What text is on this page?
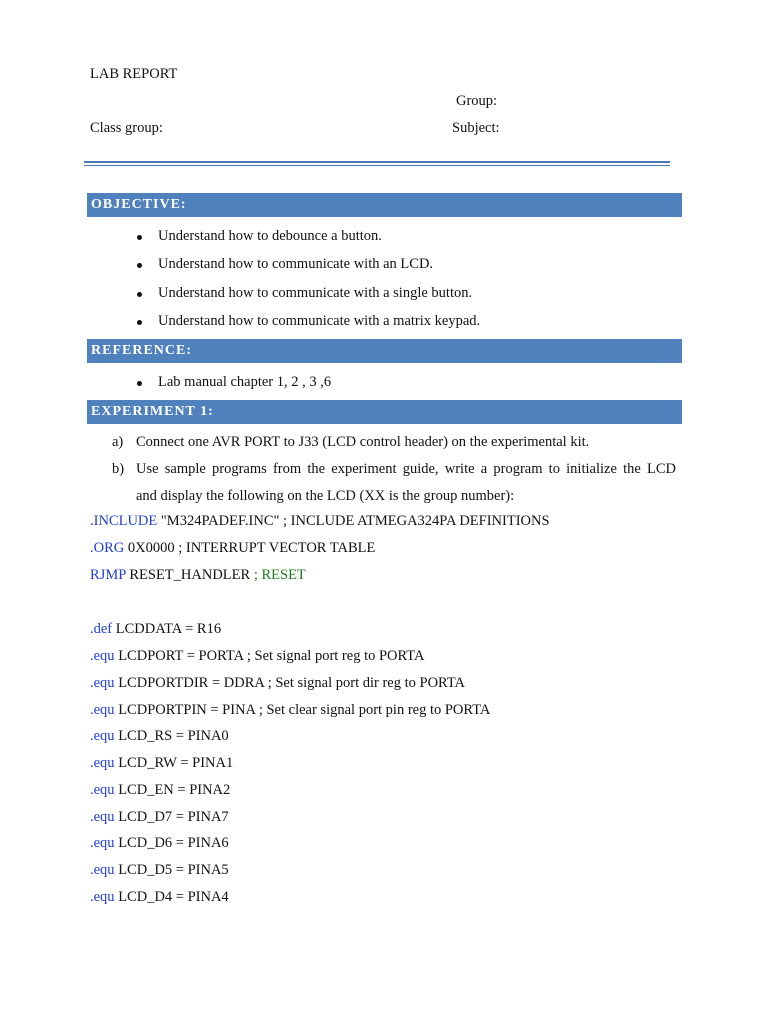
LAB REPORT
Group:
Class group:	Subject:
OBJECTIVE:
Understand how to debounce a button.
Understand how to communicate with an LCD.
Understand how to communicate with a single button.
Understand how to communicate with a matrix keypad.
REFERENCE:
Lab manual chapter 1, 2 , 3 ,6
EXPERIMENT 1:
a) Connect one AVR PORT to J33 (LCD control header) on the experimental kit.
b) Use sample programs from the experiment guide, write a program to initialize the LCD
and display the following on the LCD (XX is the group number):
.INCLUDE "M324PADEF.INC" ; INCLUDE ATMEGA324PA DEFINITIONS
.ORG 0X0000 ; INTERRUPT VECTOR TABLE
RJMP RESET_HANDLER ; RESET
.def LCDDATA = R16
.equ LCDPORT = PORTA ; Set signal port reg to PORTA
.equ LCDPORTDIR = DDRA ; Set signal port dir reg to PORTA
.equ LCDPORTPIN = PINA ; Set clear signal port pin reg to PORTA
.equ LCD_RS = PINA0
.equ LCD_RW = PINA1
.equ LCD_EN = PINA2
.equ LCD_D7 = PINA7
.equ LCD_D6 = PINA6
.equ LCD_D5 = PINA5
.equ LCD_D4 = PINA4
